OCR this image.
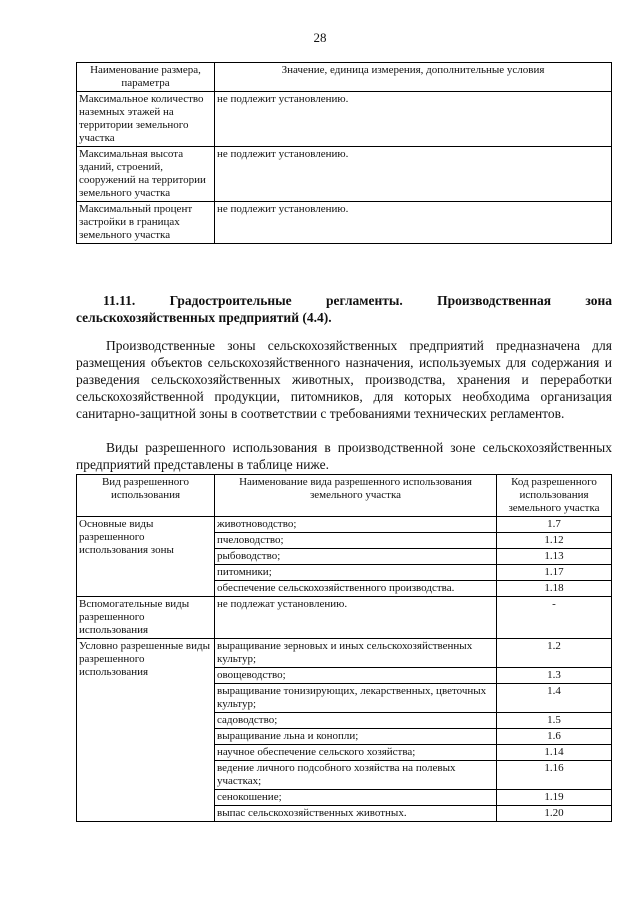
28
Наименование размера, параметра	Значение, единица измерения, дополнительные условия
Максимальное количество наземных этажей на территории земельного участка	не подлежит установлению.
Максимальная высота зданий, строений, сооружений на территории земельного участка	не подлежит установлению.
Максимальный процент застройки в границах земельного участка	не подлежит установлению.
11.11.	Градостроительные регламенты. Производственная зона сельскохозяйственных предприятий (4.4).
Производственные зоны сельскохозяйственных предприятий предназначена для размещения объектов сельскохозяйственного назначения, используемых для содержания и разведения сельскохозяйственных животных, производства, хранения и переработки сельскохозяйственной продукции, питомников, для которых необходима организация санитарно-защитной зоны в соответствии с требованиями технических регламентов.
Виды разрешенного использования в производственной зоне сельскохозяйственных предприятий представлены в таблице ниже.
Вид разрешенного использования	Наименование вида разрешенного использования земельного участка	Код разрешенного использования земельного участка
Основные виды разрешенного использования зоны	животноводство;	1.7
	пчеловодство;	1.12
	рыбоводство;	1.13
	питомники;	1.17
	обеспечение сельскохозяйственного производства.	1.18
Вспомогательные виды разрешенного использования	не подлежат установлению.	-
Условно разрешенные виды разрешенного использования	выращивание зерновых и иных сельскохозяйственных культур;	1.2
	овощеводство;	1.3
	выращивание тонизирующих, лекарственных, цветочных культур;	1.4
	садоводство;	1.5
	выращивание льна и конопли;	1.6
	научное обеспечение сельского хозяйства;	1.14
	ведение личного подсобного хозяйства на полевых участках;	1.16
	сенокошение;	1.19
	выпас сельскохозяйственных животных.	1.20
